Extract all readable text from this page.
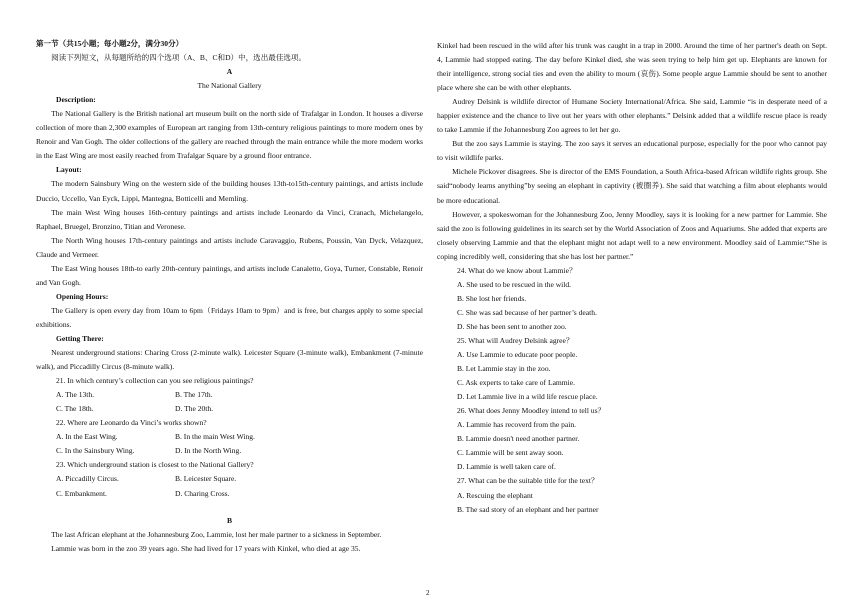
第一节（共15小题；每小题2分，满分30分）

阅读下列短文，从每题所给的四个选项（A、B、C和D）中，选出最佳选项。

A

The National Gallery

Description:

The National Gallery is the British national art museum built on the north side of Trafalgar in London. It houses a diverse collection of more than 2,300 examples of European art ranging from 13th-century religious paintings to more modern ones by Renoir and Van Gogh. The older collections of the gallery are reached through the main entrance while the more modern works in the East Wing are most easily reached from Trafalgar Square by a ground floor entrance.

Layout:

The modern Sainsbury Wing on the western side of the building houses 13th-to15th-century paintings, and artists include Duccio, Uccello, Van Eyck, Lippi, Mantegna, Botticelli and Memling.

The main West Wing houses 16th-century paintings and artists include Leonardo da Vinci, Cranach, Michelangelo, Raphael, Bruegel, Bronzino, Titian and Veronese.

The North Wing houses 17th-century paintings and artists include Caravaggio, Rubens, Poussin, Van Dyck, Velazquez, Claude and Vermeer.

The East Wing houses 18th-to early 20th-century paintings, and artists include Canaletto, Goya, Turner, Constable, Renoir and Van Gogh.

Opening Hours:

The Gallery is open every day from 10am to 6pm（Fridays 10am to 9pm）and is free, but charges apply to some special exhibitions.

Getting There:

Nearest underground stations: Charing Cross (2-minute walk). Leicester Square (3-minute walk), Embankment (7-minute walk), and Piccadilly Circus (8-minute walk).

21. In which century’s collection can you see religious paintings?

A. The 13th.	B. The 17th.
C. The 18th.	D. The 20th.

22. Where are Leonardo da Vinci’s works shown?

A. In the East Wing.	B. In the main West Wing.
C. In the Sainsbury Wing.	D. In the North Wing.

23. Which underground station is closest to the National Gallery?

A. Piccadilly Circus.	B. Leicester Square.
C. Embankment.	D. Charing Cross.

B

The last African elephant at the Johannesburg Zoo, Lammie, lost her male partner to a sickness in September.

Lammie was born in the zoo 39 years ago. She had lived for 17 years with Kinkel, who died at age 35.

Kinkel had been rescued in the wild after his trunk was caught in a trap in 2000. Around the time of her partner's death on Sept. 4, Lammie had stopped eating. The day before Kinkel died, she was seen trying to help him get up. Elephants are known for their intelligence, strong social ties and even the ability to mourn (哀伤). Some people argue Lammie should be sent to another place where she can be with other elephants.

Audrey Delsink is wildlife director of Humane Society International/Africa. She said, Lammie “is in desperate need of a happier existence and the chance to live out her years with other elephants.” Delsink added that a wildlife rescue place is ready to take Lammie if the Johannesburg Zoo agrees to let her go.

But the zoo says Lammie is staying. The zoo says it serves an educational purpose, especially for the poor who cannot pay to visit wildlife parks.

Michele Pickover disagrees. She is director of the EMS Foundation, a South Africa-based African wildlife rights group. She said“nobody learns anything”by seeing an elephant in captivity (被圈养). She said that watching a film about elephants would be more educational.

However, a spokeswoman for the Johannesburg Zoo, Jenny Moodley, says it is looking for a new partner for Lammie. She said the zoo is following guidelines in its search set by the World Association of Zoos and Aquariums. She added that experts are closely observing Lammie and that the elephant might not adapt well to a new environment. Moodley said of Lammie:“She is coping incredibly well, considering that she has lost her partner.”

24. What do we know about Lammie？

A. She used to be rescued in the wild.

B. She lost her friends.

C. She was sad because of her partner’s death.

D. She has been sent to another zoo.

25. What will Audrey Delsink agree？

A. Use Lammie to educate poor people.

B. Let Lammie stay in the zoo.

C. Ask experts to take care of Lammie.

D. Let Lammie live in a wild life rescue place.

26. What does Jenny Moodley intend to tell us？

A. Lammie has recoverd from the pain.

B. Lammie doesn't need another partner.

C. Lammie will be sent away soon.

D. Lammie is well taken care of.

27. What can be the suitable title for the text？

A. Rescuing the elephant

B. The sad story of an elephant and her partner

2
